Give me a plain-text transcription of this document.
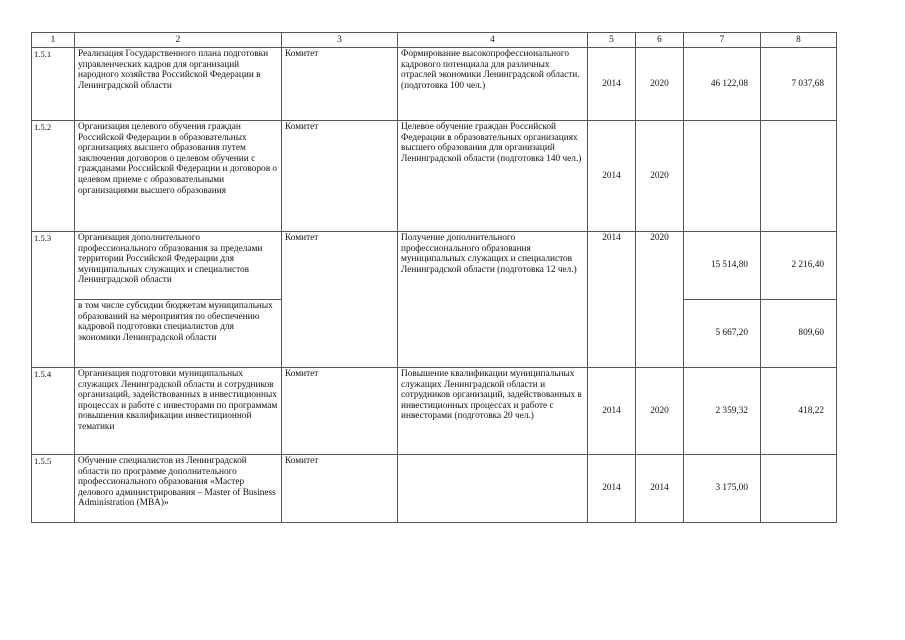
1	2	3	4	5	6	7	8
1.5.1	Реализация Государственного плана подготовки управленческих кадров для организаций народного хозяйства Российской Федерации в Ленинградской области	Комитет	Формирование высокопрофессионального кадрового потенциала для различных отраслей экономики Ленинградской области. (подготовка 100 чел.)	2014	2020	46 122,08	7 037,68
1.5.2	Организация целевого обучения граждан Российской Федерации в образовательных организациях высшего образования путем заключения договоров о целевом обучении с гражданами Российской Федерации и договоров о целевом приеме с образовательными организациями высшего образования	Комитет	Целевое обучение граждан Российской Федерации в образовательных организациях высшего образования для организаций Ленинградской области (подготовка 140 чел.)	2014	2020		
1.5.3	Организация дополнительного профессионального образования за пределами территории Российской Федерации для муниципальных служащих и специалистов Ленинградской области	Комитет	Получение дополнительного профессионального образования муниципальных служащих и специалистов Ленинградской области (подготовка 12 чел.)	2014	2020	15 514,80	2 216,40
	в том числе субсидии бюджетам муниципальных образований на мероприятия по обеспечению кадровой подготовки специалистов для экономики Ленинградской области					5 667,20	809,60
1.5.4	Организация подготовки муниципальных служащих Ленинградской области и сотрудников организаций, задействованных в инвестиционных процессах и работе с инвесторами по программам повышения квалификации инвестиционной тематики	Комитет	Повышение квалификации муниципальных служащих Ленинградской области и сотрудников организаций, задействованных в инвестиционных процессах и работе с инвесторами (подготовка 20 чел.)	2014	2020	2 359,32	418,22
1.5.5	Обучение специалистов из Ленинградской области по программе дополнительного профессионального образования «Мастер делового администрирования – Master of Business Administration (MBA)»	Комитет		2014	2014	3 175,00	
